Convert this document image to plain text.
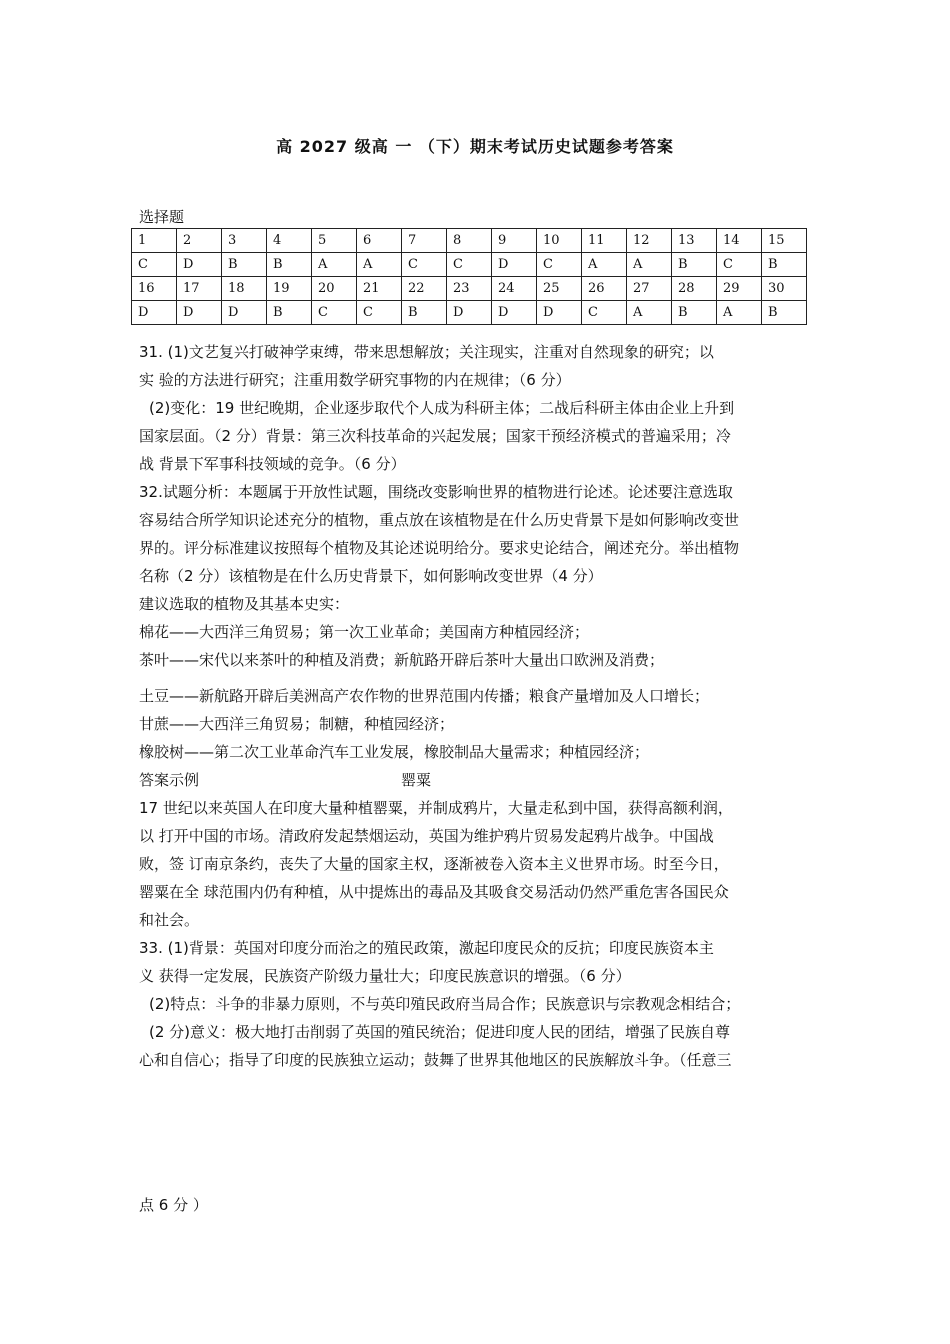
高 2027 级高 一 （下）期末考试历史试题参考答案
选择题
1	2	3	4	5	6	7	8	9	10	11	12	13	14	15
C	D	B	B	A	A	C	C	D	C	A	A	B	C	B
16	17	18	19	20	21	22	23	24	25	26	27	28	29	30
D	D	D	B	C	C	B	D	D	D	C	A	B	A	B

31. (1)文艺复兴打破神学束缚，带来思想解放；关注现实，注重对自然现象的研究；以

实 验的方法进行研究；注重用数学研究事物的内在规律；（6 分）

(2)变化：19 世纪晚期，企业逐步取代个人成为科研主体；二战后科研主体由企业上升到

国家层面。（2 分）背景：第三次科技革命的兴起发展；国家干预经济模式的普遍采用；冷

战 背景下军事科技领域的竞争。（6 分）

32.试题分析：本题属于开放性试题，围绕改变影响世界的植物进行论述。论述要注意选取

容易结合所学知识论述充分的植物，重点放在该植物是在什么历史背景下是如何影响改变世

界的。评分标准建议按照每个植物及其论述说明给分。要求史论结合，阐述充分。举出植物

名称（2 分）该植物是在什么历史背景下，如何影响改变世界（4 分）

建议选取的植物及其基本史实：

棉花——大西洋三角贸易；第一次工业革命；美国南方种植园经济；

茶叶——宋代以来茶叶的种植及消费；新航路开辟后茶叶大量出口欧洲及消费；

土豆——新航路开辟后美洲高产农作物的世界范围内传播；粮食产量增加及人口增长；

甘蔗——大西洋三角贸易；制糖，种植园经济；

橡胶树——第二次工业革命汽车工业发展，橡胶制品大量需求；种植园经济；

答案示例	罂粟

17 世纪以来英国人在印度大量种植罂粟，并制成鸦片，大量走私到中国，获得高额利润，

以 打开中国的市场。清政府发起禁烟运动，英国为维护鸦片贸易发起鸦片战争。中国战

败，签 订南京条约，丧失了大量的国家主权，逐渐被卷入资本主义世界市场。时至今日，

罂粟在全 球范围内仍有种植，从中提炼出的毒品及其吸食交易活动仍然严重危害各国民众

和社会。

33. (1)背景：英国对印度分而治之的殖民政策，激起印度民众的反抗；印度民族资本主

义 获得一定发展，民族资产阶级力量壮大；印度民族意识的增强。（6 分）

(2)特点：斗争的非暴力原则，不与英印殖民政府当局合作；民族意识与宗教观念相结合；

(2 分)意义：极大地打击削弱了英国的殖民统治；促进印度人民的团结，增强了民族自尊

心和自信心；指导了印度的民族独立运动；鼓舞了世界其他地区的民族解放斗争。（任意三

点 6 分 ）
